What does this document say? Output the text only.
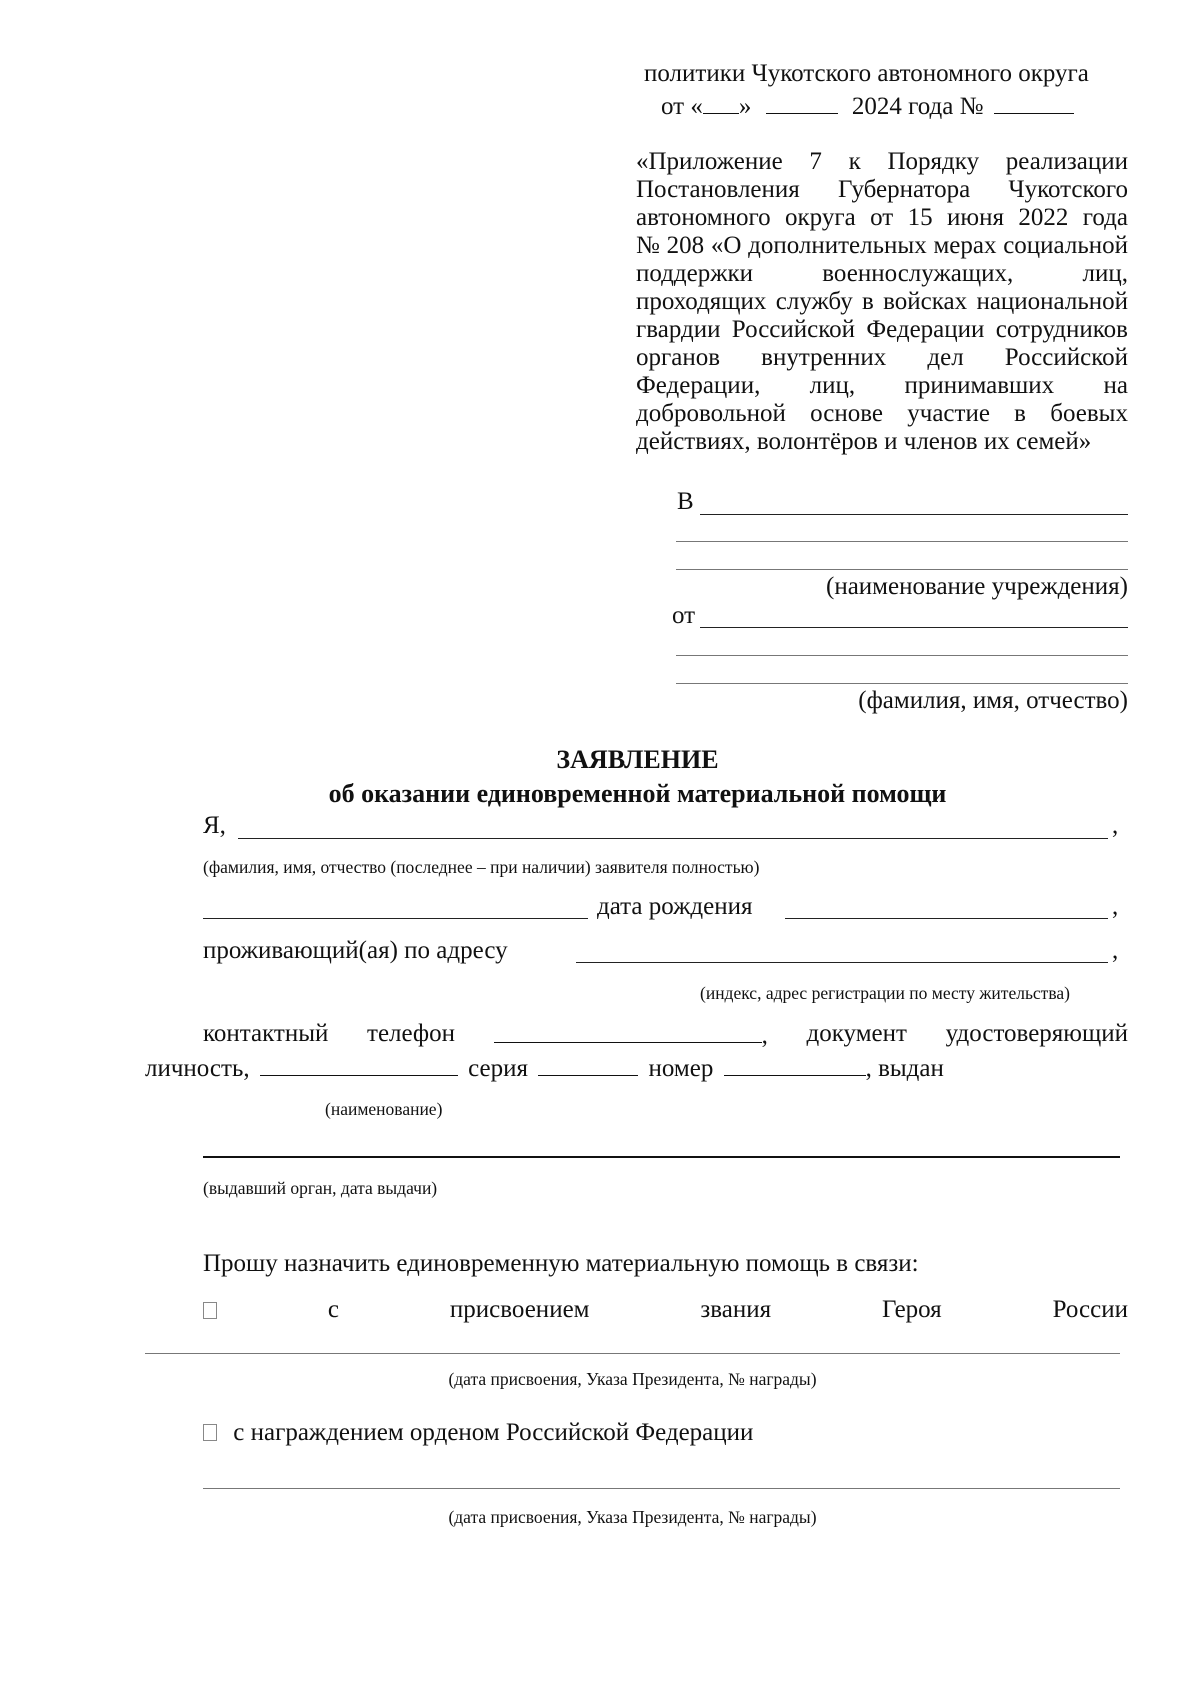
политики Чукотского автономного округа
от « »	2024 года №
«Приложение 7 к Порядку реализации
Постановления Губернатора Чукотского
автономного округа от 15 июня 2022 года
№ 208 «О дополнительных мерах социальной
поддержки	военнослужащих,	лиц,
проходящих службу в войсках национальной
гвардии Российской Федерации сотрудников
органов внутренних дел Российской
Федерации, лиц, принимавших на
добровольной основе участие в боевых
действиях, волонтёров и членов их семей»
В
(наименование учреждения)
от
(фамилия, имя, отчество)
ЗАЯВЛЕНИЕ
об оказании единовременной материальной помощи
Я,	,
(фамилия, имя, отчество (последнее – при наличии) заявителя полностью)
дата рождения	,
проживающий(ая) по адресу	,
(индекс, адрес регистрации по месту жительства)
контактный телефон	, документ удостоверяющий
личность,	серия	номер	, выдан
(наименование)
(выдавший орган, дата выдачи)
Прошу назначить единовременную материальную помощь в связи:
с	присвоением	звания	Героя	России
(дата присвоения, Указа Президента, № награды)
с награждением орденом Российской Федерации
(дата присвоения, Указа Президента, № награды)
